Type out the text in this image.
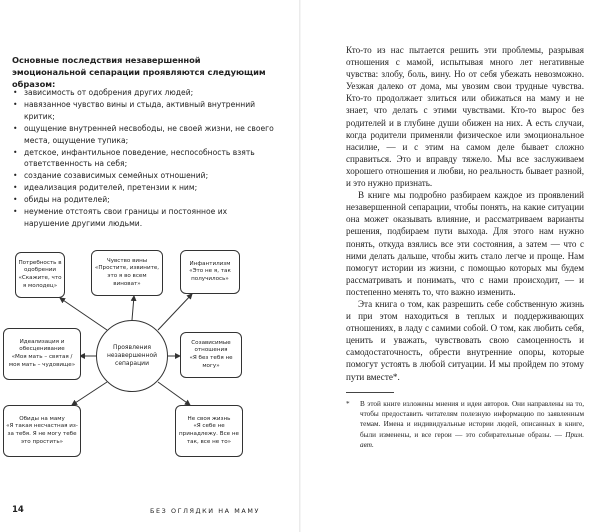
Основные последствия незавершенной эмоциональной сепарации проявляются следующим образом:
• зависимость от одобрения других людей;
• навязанное чувство вины и стыда, активный внутренний критик;
• ощущение внутренней несвободы, не своей жизни, не своего места, ощущение тупика;
• детское, инфантильное поведение, неспособность взять ответственность на себя;
• создание созависимых семейных отношений;
• идеализация родителей, претензии к ним;
• обиды на родителей;
• неумение отстоять свои границы и постоянное их нарушение другими людьми.
Потребность в одобрении
«Скажите, что я молодец»
Чувство вины
«Простите, извините, это я во всем виноват»
Инфантилизм
«Это не я, так получилось»
Идеализация и обесценивание
«Моя мать – святая / моя мать – чудовище»
Созависимые отношения
«Я без тебя не могу»
Обиды на маму
«Я такая несчастная из-за тебя. Я не могу тебе это простить»
Не своя жизнь
«Я себе не принадлежу. Все не так, все не то»
Проявления незавершенной сепарации
14	БЕЗ ОГЛЯДКИ НА МАМУ

Кто-то из нас пытается решить эти проблемы, разрывая отношения с мамой, испытывая много лет негативные чувства: злобу, боль, вину. Но от себя убежать невозможно. Уезжая далеко от дома, мы увозим свои трудные чувства. Кто-то продолжает злиться или обижаться на маму и не знает, что делать с этими чувствами. Кто-то вырос без родителей и в глубине души обижен на них. А есть случаи, когда родители применяли физическое или эмоциональное насилие, — и с этим на самом деле бывает сложно справиться. Это и вправду тяжело. Мы все заслуживаем хорошего отношения и любви, но реальность бывает разной, и это нужно признать.

В книге мы подробно разбираем каждое из проявлений незавершенной сепарации, чтобы понять, на какие ситуации она может оказывать влияние, и рассматриваем варианты решения, подбираем пути выхода. Для этого нам нужно понять, откуда взялись все эти состояния, а затем — что с ними делать дальше, чтобы жить стало легче и проще. Нам помогут истории из жизни, с помощью которых мы будем рассматривать и понимать, что с нами происходит, — и постепенно менять то, что важно изменить.

Эта книга о том, как разрешить себе собственную жизнь и при этом находиться в теплых и поддерживающих отношениях, в ладу с самими собой. О том, как любить себя, ценить и уважать, чувствовать свою самоценность и самодостаточность, обрести внутренние опоры, которые помогут устоять в любой ситуации. И мы пройдем по этому пути вместе*.

*	В этой книге изложены мнения и идеи авторов. Они направлены на то, чтобы предоставить читателям полезную информацию по заявленным темам. Имена и индивидуальные истории людей, описанных в книге, были изменены, и все герои — это собирательные образы. — Прим. авт.
